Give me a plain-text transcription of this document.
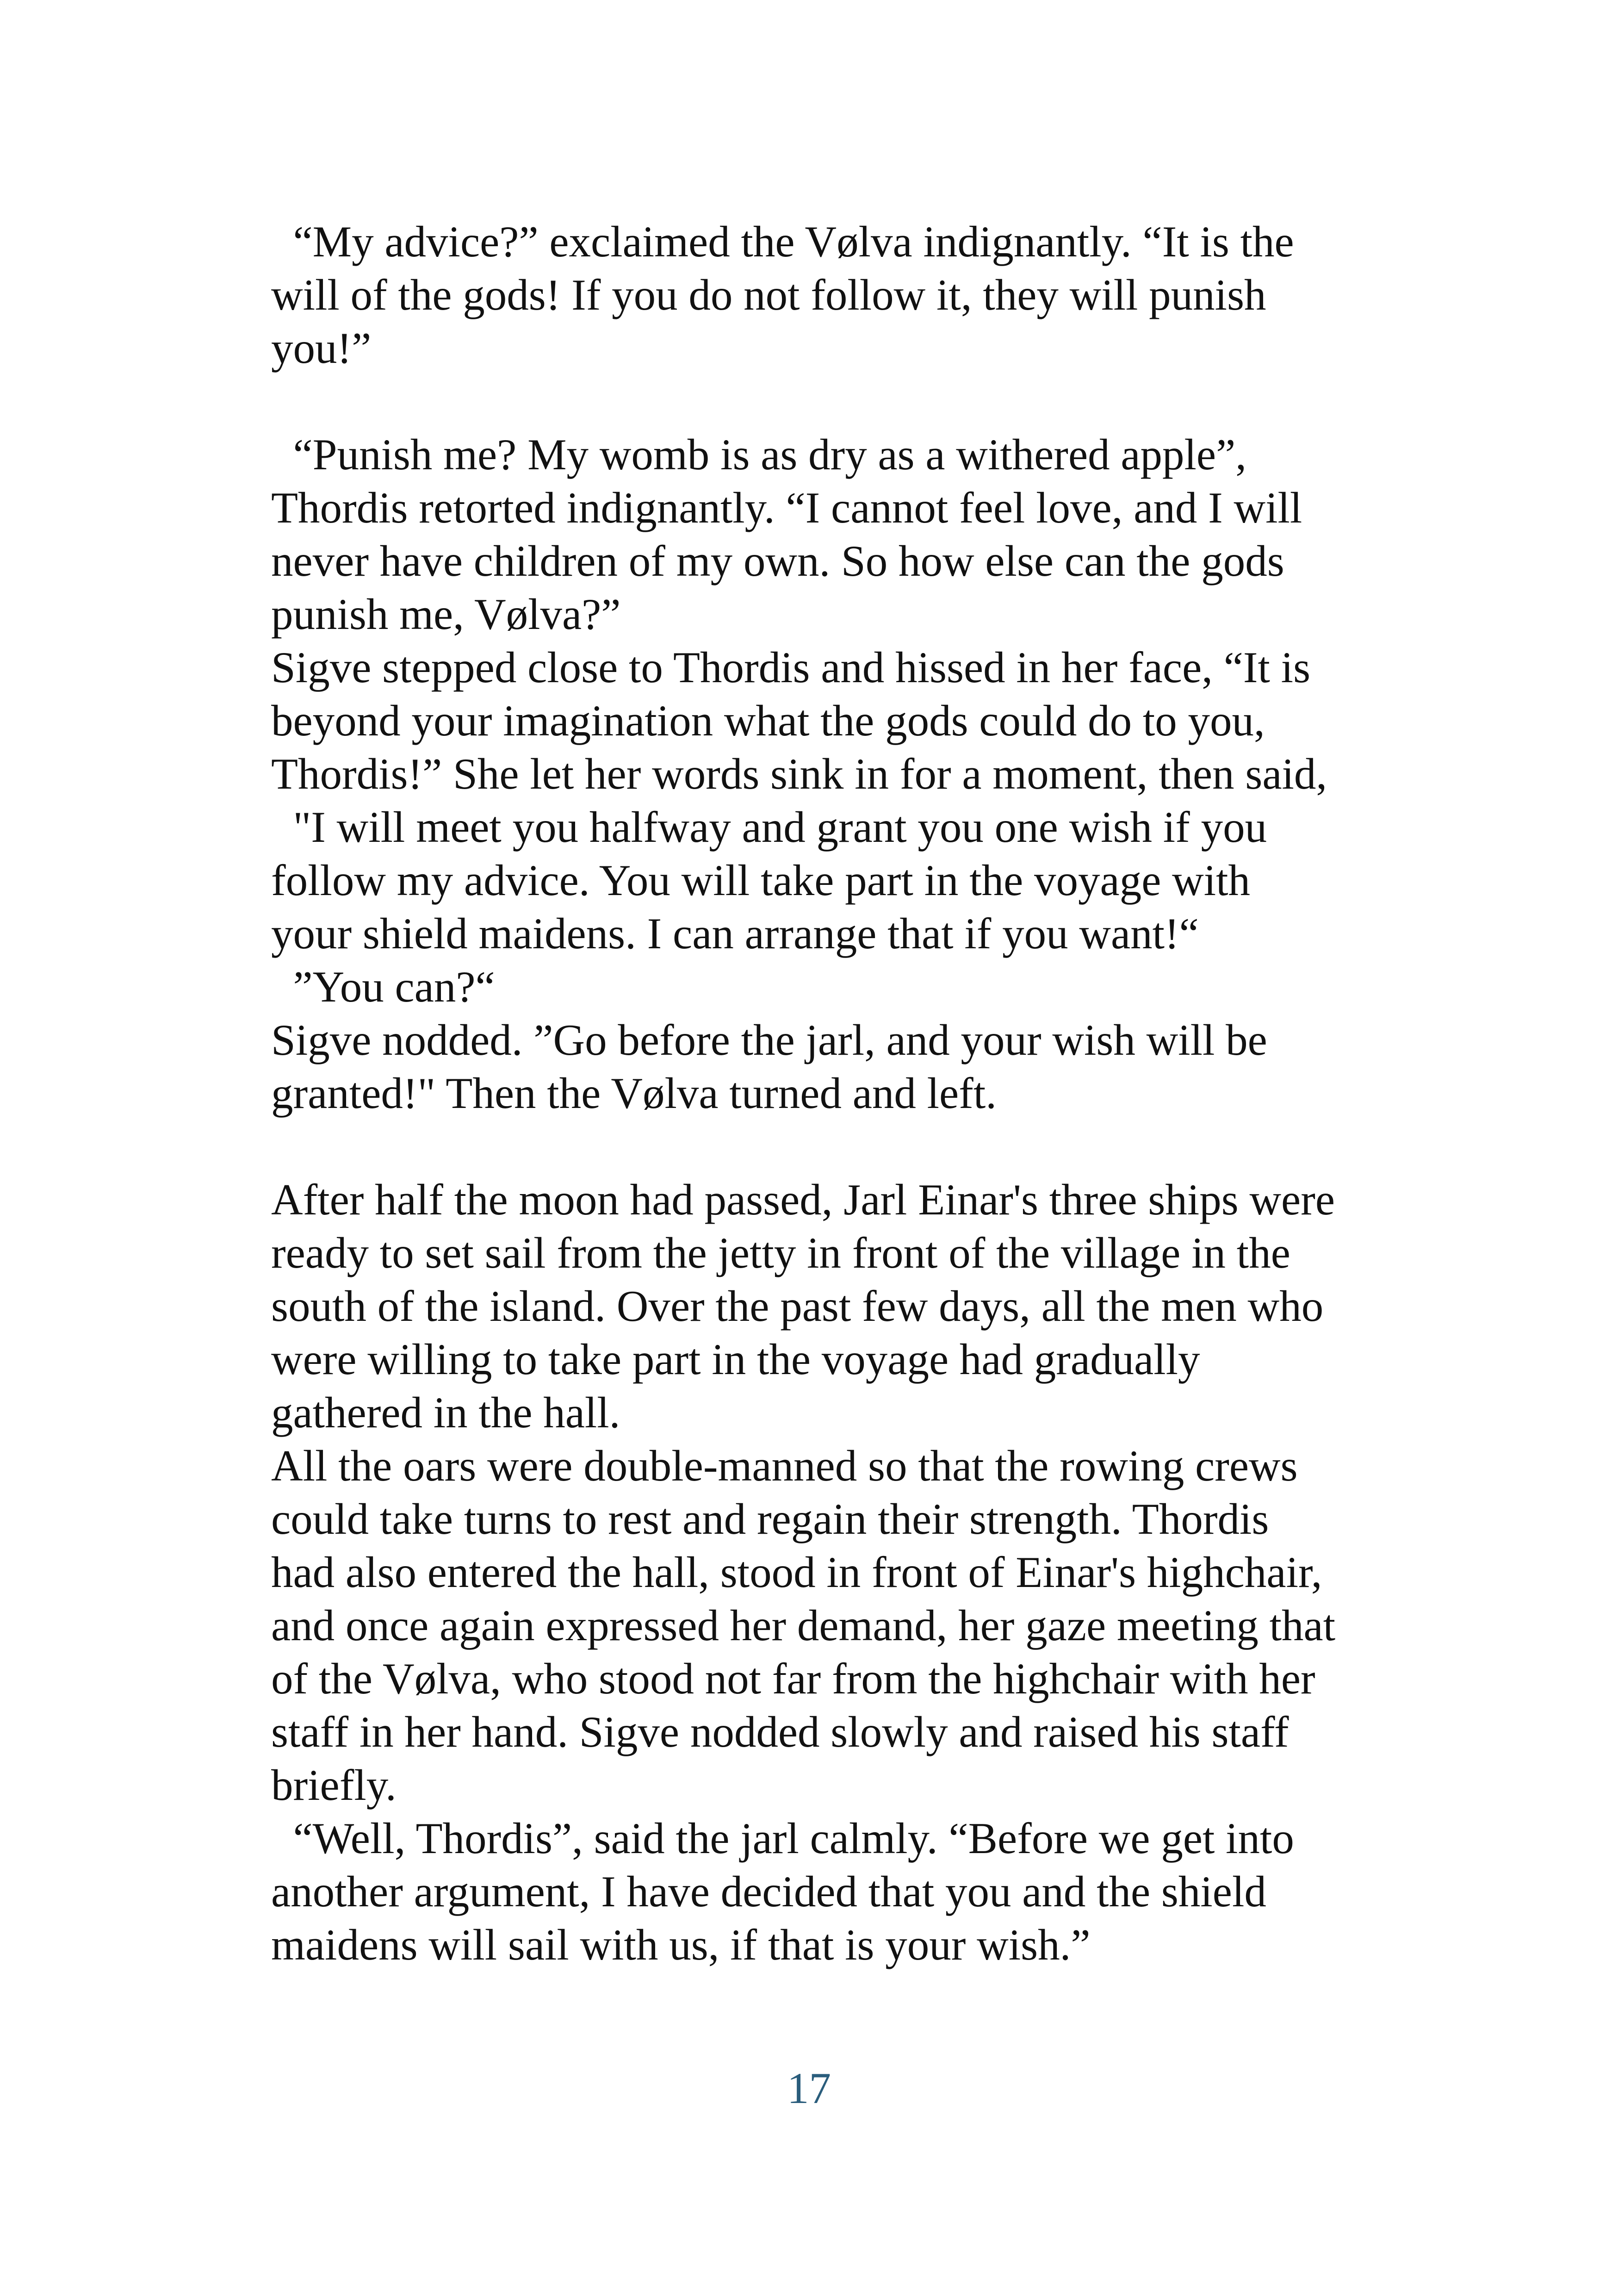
“My advice?” exclaimed the Vølva indignantly. “It is the
will of the gods! If you do not follow it, they will punish
you!”
“Punish me? My womb is as dry as a withered apple”,
Thordis retorted indignantly. “I cannot feel love, and I will
never have children of my own. So how else can the gods
punish me, Vølva?”
Sigve stepped close to Thordis and hissed in her face, “It is
beyond your imagination what the gods could do to you,
Thordis!” She let her words sink in for a moment, then said,
"I will meet you halfway and grant you one wish if you
follow my advice. You will take part in the voyage with
your shield maidens. I can arrange that if you want!“
”You can?“
Sigve nodded. ”Go before the jarl, and your wish will be
granted!" Then the Vølva turned and left.
After half the moon had passed, Jarl Einar's three ships were
ready to set sail from the jetty in front of the village in the
south of the island. Over the past few days, all the men who
were willing to take part in the voyage had gradually
gathered in the hall.
All the oars were double-manned so that the rowing crews
could take turns to rest and regain their strength. Thordis
had also entered the hall, stood in front of Einar's highchair,
and once again expressed her demand, her gaze meeting that
of the Vølva, who stood not far from the highchair with her
staff in her hand. Sigve nodded slowly and raised his staff
briefly.
“Well, Thordis”, said the jarl calmly. “Before we get into
another argument, I have decided that you and the shield
maidens will sail with us, if that is your wish.”
17
